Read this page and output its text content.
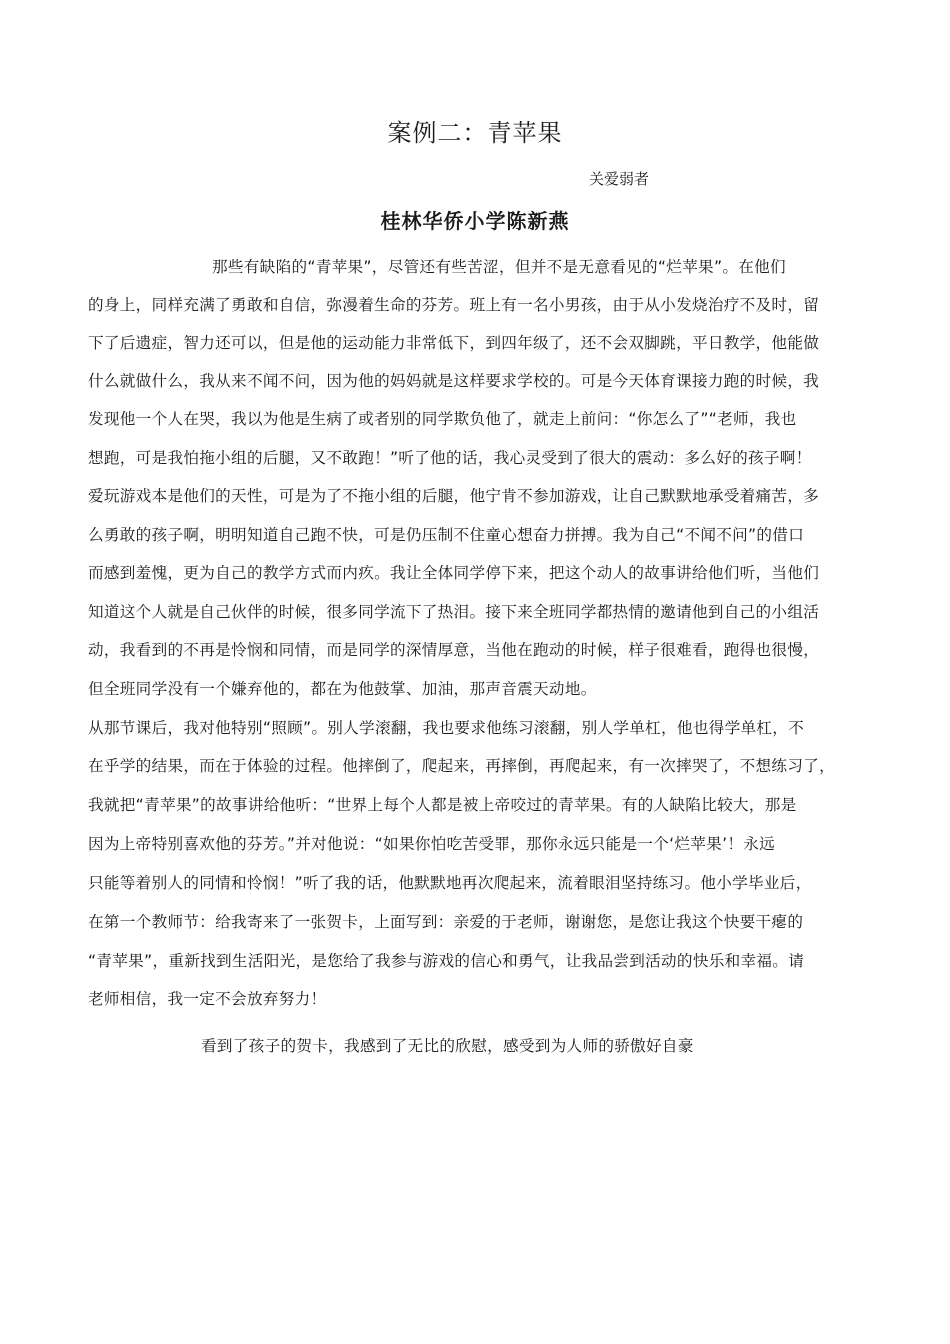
案例二：青苹果
关爱弱者
桂林华侨小学陈新燕
那些有缺陷的“青苹果”，尽管还有些苦涩，但并不是无意看见的“烂苹果”。在他们
的身上，同样充满了勇敢和自信，弥漫着生命的芬芳。班上有一名小男孩，由于从小发烧治疗不及时，留
下了后遗症，智力还可以，但是他的运动能力非常低下，到四年级了，还不会双脚跳，平日教学，他能做
什么就做什么，我从来不闻不问，因为他的妈妈就是这样要求学校的。可是今天体育课接力跑的时候，我
发现他一个人在哭，我以为他是生病了或者别的同学欺负他了，就走上前问：“你怎么了”“老师，我也
想跑，可是我怕拖小组的后腿，又不敢跑！”听了他的话，我心灵受到了很大的震动：多么好的孩子啊！
爱玩游戏本是他们的天性，可是为了不拖小组的后腿，他宁肯不参加游戏，让自己默默地承受着痛苦，多
么勇敢的孩子啊，明明知道自己跑不快，可是仍压制不住童心想奋力拼搏。我为自己“不闻不问”的借口
而感到羞愧，更为自己的教学方式而内疚。我让全体同学停下来，把这个动人的故事讲给他们听，当他们
知道这个人就是自己伙伴的时候，很多同学流下了热泪。接下来全班同学都热情的邀请他到自己的小组活
动，我看到的不再是怜悯和同情，而是同学的深情厚意，当他在跑动的时候，样子很难看，跑得也很慢，
但全班同学没有一个嫌弃他的，都在为他鼓掌、加油，那声音震天动地。
从那节课后，我对他特别“照顾”。别人学滚翻，我也要求他练习滚翻，别人学单杠，他也得学单杠，不
在乎学的结果，而在于体验的过程。他摔倒了，爬起来，再摔倒，再爬起来，有一次摔哭了，不想练习了，
我就把“青苹果”的故事讲给他听：“世界上每个人都是被上帝咬过的青苹果。有的人缺陷比较大，那是
因为上帝特别喜欢他的芬芳。”并对他说：“如果你怕吃苦受罪，那你永远只能是一个‘烂苹果’！永远
只能等着别人的同情和怜悯！”听了我的话，他默默地再次爬起来，流着眼泪坚持练习。他小学毕业后，
在第一个教师节：给我寄来了一张贺卡，上面写到：亲爱的于老师，谢谢您，是您让我这个快要干瘪的
“青苹果”，重新找到生活阳光，是您给了我参与游戏的信心和勇气，让我品尝到活动的快乐和幸福。请
老师相信，我一定不会放弃努力！
看到了孩子的贺卡，我感到了无比的欣慰，感受到为人师的骄傲好自豪
